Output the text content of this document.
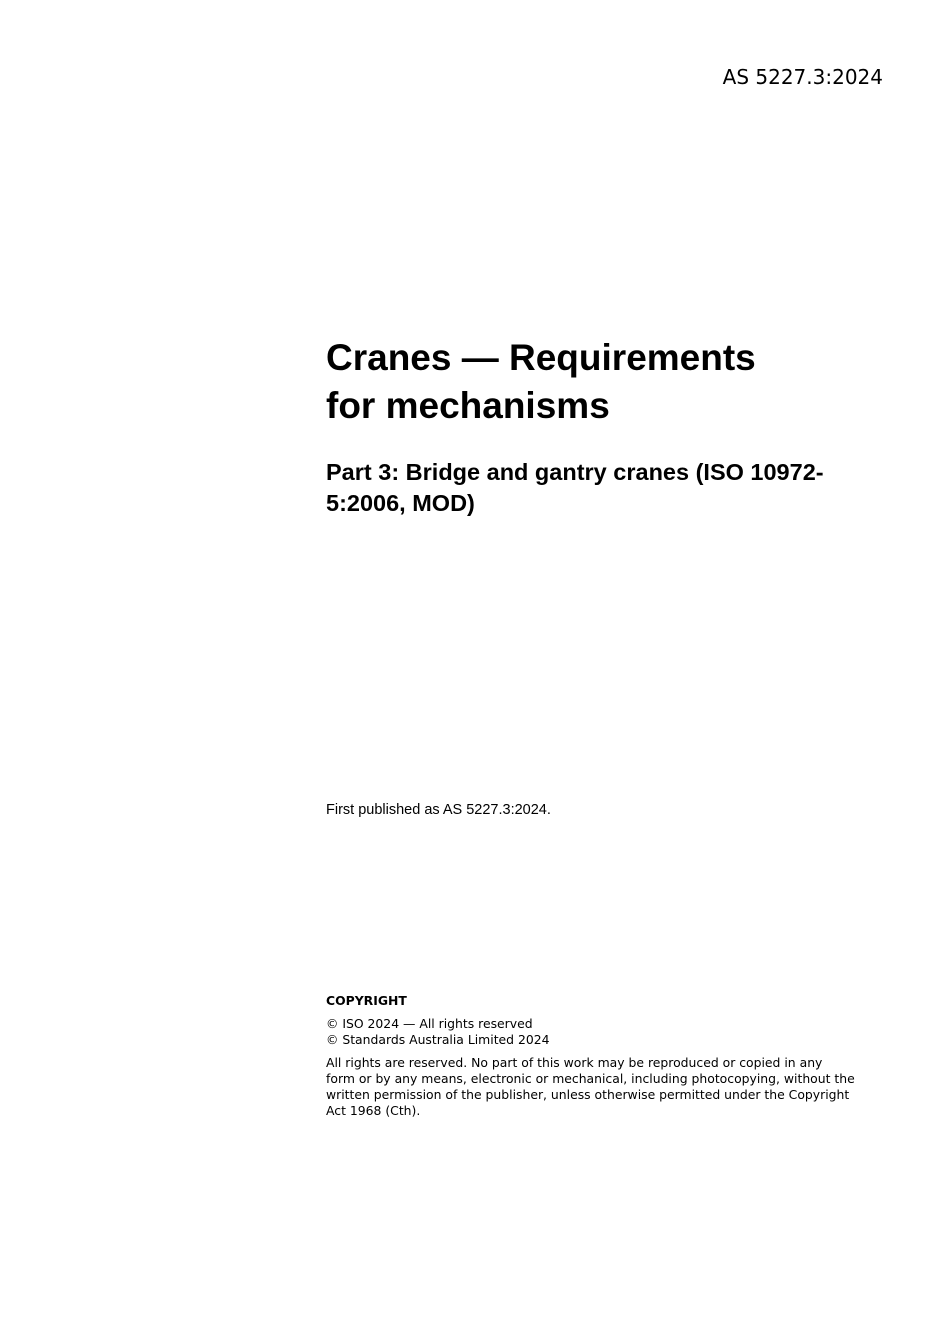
AS 5227.3:2024
Cranes — Requirements
for mechanisms
Part 3: Bridge and gantry cranes (ISO 10972-
5:2006, MOD)
First published as AS 5227.3:2024.
COPYRIGHT
© ISO 2024 — All rights reserved
© Standards Australia Limited 2024
All rights are reserved. No part of this work may be reproduced or copied in any
form or by any means, electronic or mechanical, including photocopying, without the
written permission of the publisher, unless otherwise permitted under the Copyright
Act 1968 (Cth).
